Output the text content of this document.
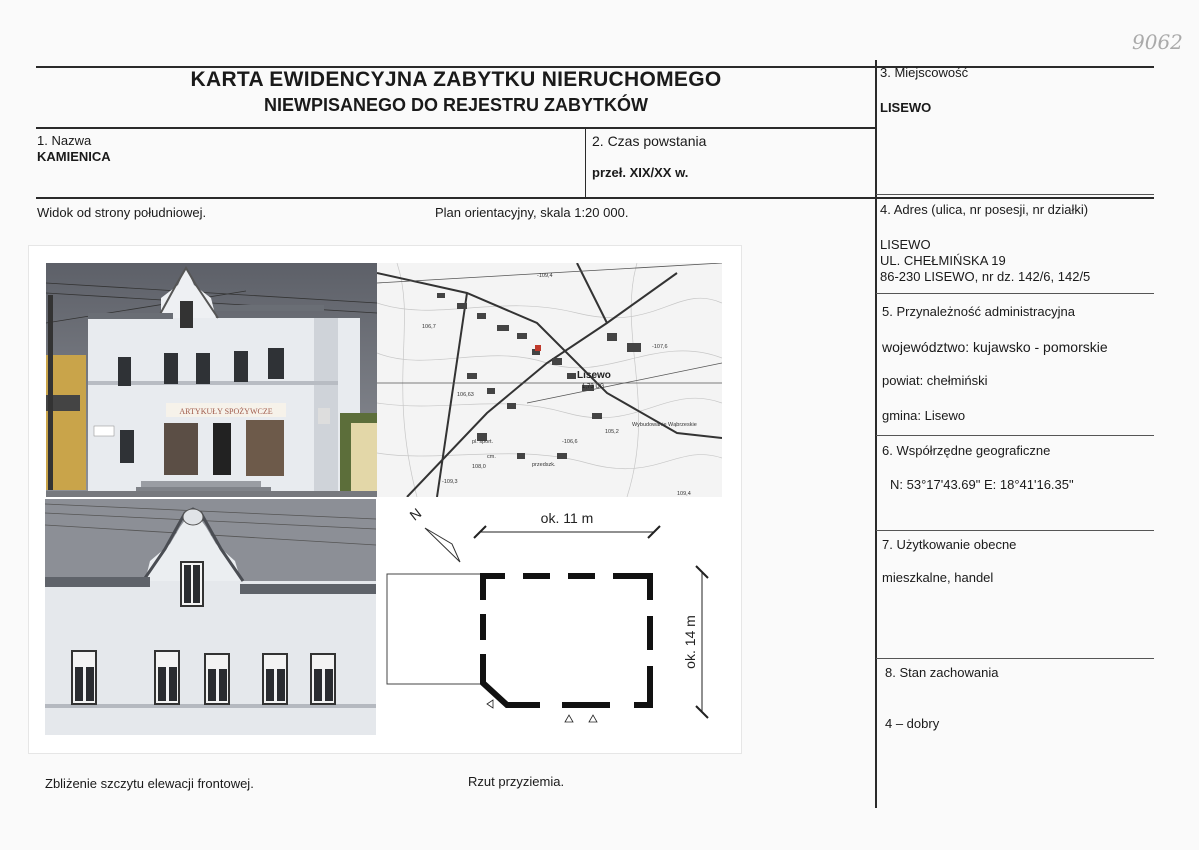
9062
KARTA EWIDENCYJNA ZABYTKU NIERUCHOMEGO
NIEWPISANEGO DO REJESTRU ZABYTKÓW
1. Nazwa
KAMIENICA
2. Czas powstania
przeł. XIX/XX w.
3. Miejscowość
LISEWO
Widok od strony południowej.	Plan orientacyjny, skala 1:20 000.
Zbliżenie szczytu elewacji frontowej.	Rzut przyziemia.
4. Adres (ulica, nr posesji, nr działki)
LISEWO
UL. CHEŁMIŃSKA 19
86-230 LISEWO, nr dz. 142/6, 142/5
5. Przynależność administracyjna
województwo: kujawsko - pomorskie
powiat: chełmiński
gmina: Lisewo
6. Współrzędne geograficzne
N: 53°17'43.69" E: 18°41'16.35"
7. Użytkowanie obecne
mieszkalne, handel
8. Stan zachowania
4 – dobry
ARTYKUŁY SPOŻYWCZE
Lisewo
1,73 UG
-109,4
-107,6
106,7
106,63
105,2
-106,6
108,0
-109,3
109,4
Wybudowanie Wąbrzeskie
pl. sport.
przedszk.
cm.
N	ok. 11 m
ok. 14 m
